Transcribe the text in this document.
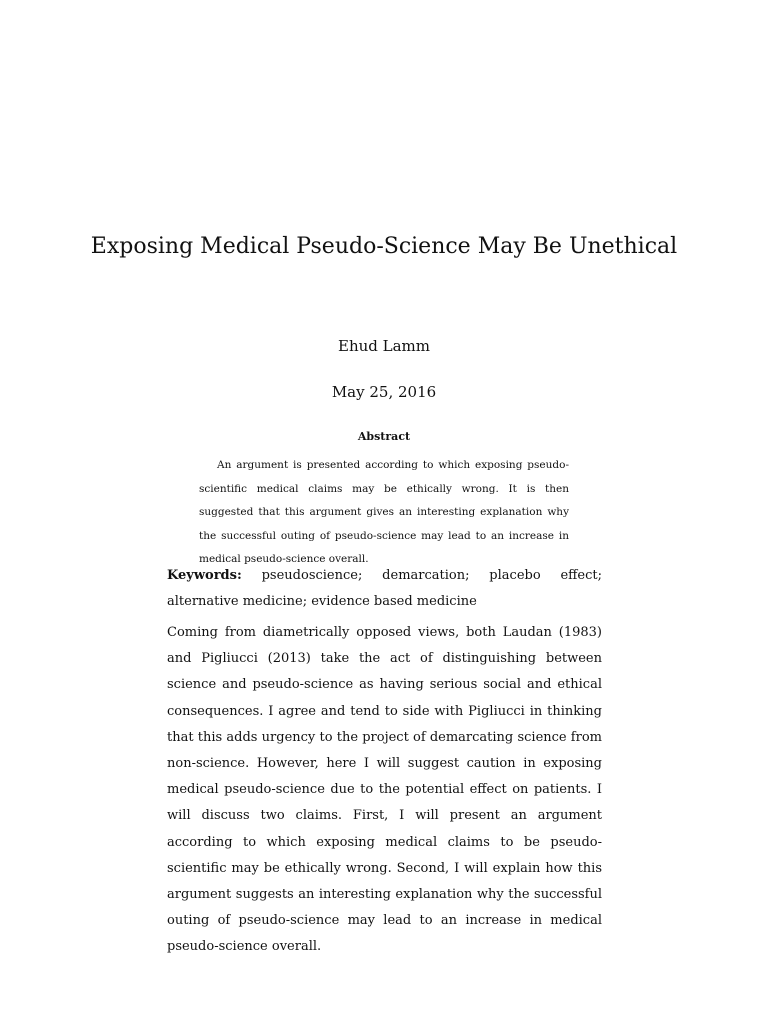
Exposing Medical Pseudo-Science May Be Unethical
Ehud Lamm
May 25, 2016
Abstract

An argument is presented according to which exposing pseudo-scientific medical claims may be ethically wrong. It is then suggested that this argument gives an interesting explanation why the successful outing of pseudo-science may lead to an increase in medical pseudo-science overall.

Keywords: pseudoscience; demarcation; placebo effect; alternative medicine; evidence based medicine

Coming from diametrically opposed views, both Laudan (1983) and Pigliucci (2013) take the act of distinguishing between science and pseudo-science as having serious social and ethical consequences. I agree and tend to side with Pigliucci in thinking that this adds urgency to the project of demarcating science from non-science. However, here I will suggest caution in exposing medical pseudo-science due to the potential effect on patients. I will discuss two claims. First, I will present an argument according to which exposing medical claims to be pseudo-scientific may be ethically wrong. Second, I will explain how this argument suggests an interesting explanation why the successful outing of pseudo-science may lead to an increase in medical pseudo-science overall.
